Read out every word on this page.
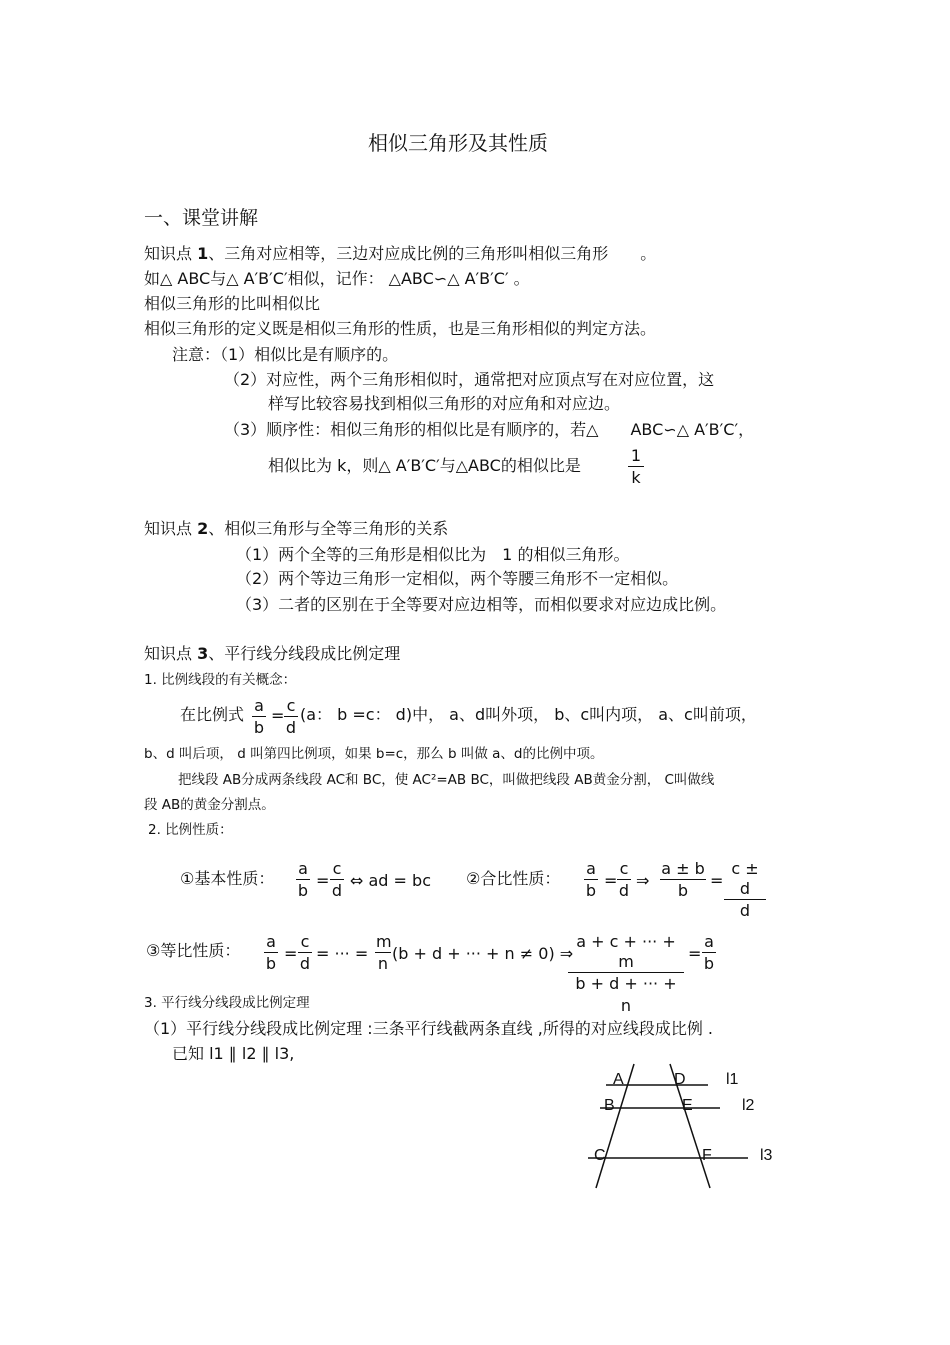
相似三角形及其性质
一、课堂讲解
知识点 1、三角对应相等，三边对应成比例的三角形叫相似三角形　　。
如△ ABC与△ A′B′C′相似，记作： △ABC∽△ A′B′C′ 。
相似三角形的比叫相似比
相似三角形的定义既是相似三角形的性质，也是三角形相似的判定方法。
注意：（1）相似比是有顺序的。
（2）对应性，两个三角形相似时，通常把对应顶点写在对应位置，这
样写比较容易找到相似三角形的对应角和对应边。
（3）顺序性：相似三角形的相似比是有顺序的，若△　　ABC∽△ A′B′C′，
相似比为 k，则△ A′B′C′与△ABC的相似比是	$\frac{1}{k}$
知识点 2、相似三角形与全等三角形的关系
（1）两个全等的三角形是相似比为　1 的相似三角形。
（2）两个等边三角形一定相似，两个等腰三角形不一定相似。
（3）二者的区别在于全等要对应边相等，而相似要求对应边成比例。
知识点 3、平行线分线段成比例定理
1. 比例线段的有关概念：
在比例式 $\frac{a}{b} = \frac{c}{d} (a$： b =c： d)中， a、d叫外项， b、c叫内项， a、c叫前项，
b、d 叫后项， d 叫第四比例项，如果 b=c，那么 b 叫做 a、d的比例中项。
把线段 AB分成两条线段 AC和 BC，使 AC²=AB BC，叫做把线段 AB黄金分割， C叫做线
段 AB的黄金分割点。
2. 比例性质：
①基本性质： $\frac{a}{b} = \frac{c}{d}$ ⇔ ad = bc ②合比性质： $\frac{a}{b} = \frac{c}{d}$ ⇒ $\frac{a \pm b}{b} = \frac{c \pm d}{d}$
③等比性质： $\frac{a}{b} = \frac{c}{d}$ = ··· = $\frac{m}{n} (b + d$ + ··· + n ≠ 0) ⇒
$\frac{a + c + \cdot\cdot\cdot + m}{b + d + \cdot\cdot\cdot + n} = \frac{a}{b}$
3. 平行线分线段成比例定理
（1）平行线分线段成比例定理 :三条平行线截两条直线 ,所得的对应线段成比例 .
已知 l1 ∥ l2 ∥ l3,
A	D	l1
B	E	l2
C	F	l3
